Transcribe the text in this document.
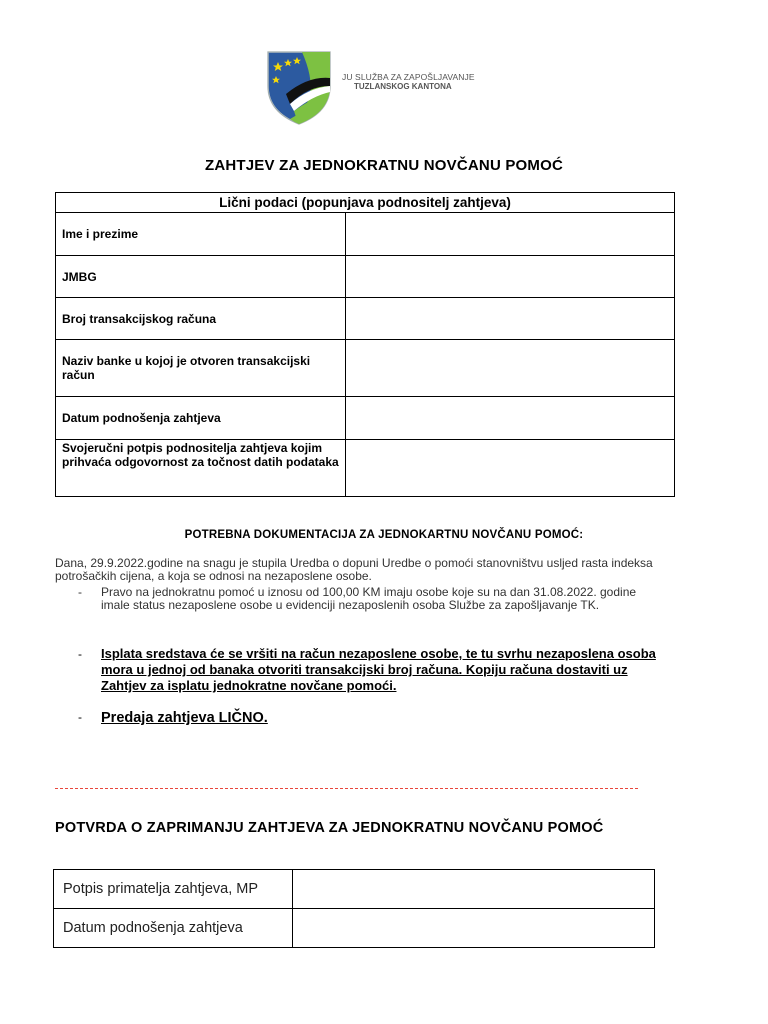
JU SLUŽBA ZA ZAPOŠLJAVANJE
TUZLANSKOG KANTONA
ZAHTJEV ZA JEDNOKRATNU NOVČANU POMOĆ
Lični podaci (popunjava podnositelj zahtjeva)	
Ime i prezime	
JMBG	
Broj transakcijskog računa	
Naziv banke u kojoj je otvoren transakcijski račun	
Datum podnošenja zahtjeva	
Svojeručni potpis podnositelja zahtjeva kojim prihvaća odgovornost za točnost datih podataka	
POTREBNA DOKUMENTACIJA ZA JEDNOKARTNU NOVČANU POMOĆ:
Dana, 29.9.2022.godine na snagu je stupila Uredba o dopuni Uredbe o pomoći stanovništvu usljed rasta indeksa potrošačkih cijena, a koja se odnosi na nezaposlene osobe.
- Pravo na jednokratnu pomoć u iznosu od 100,00 KM imaju osobe koje su na dan 31.08.2022. godine imale status nezaposlene osobe u evidenciji nezaposlenih osoba Službe za zapošljavanje TK.
- Isplata sredstava će se vršiti na račun nezaposlene osobe, te tu svrhu nezaposlena osoba mora u jednoj od banaka otvoriti transakcijski broj računa. Kopiju računa dostaviti uz Zahtjev za isplatu jednokratne novčane pomoći.
- Predaja zahtjeva LIČNO.
POTVRDA O ZAPRIMANJU ZAHTJEVA ZA JEDNOKRATNU NOVČANU POMOĆ
Potpis primatelja zahtjeva, MP	
Datum podnošenja zahtjeva	
